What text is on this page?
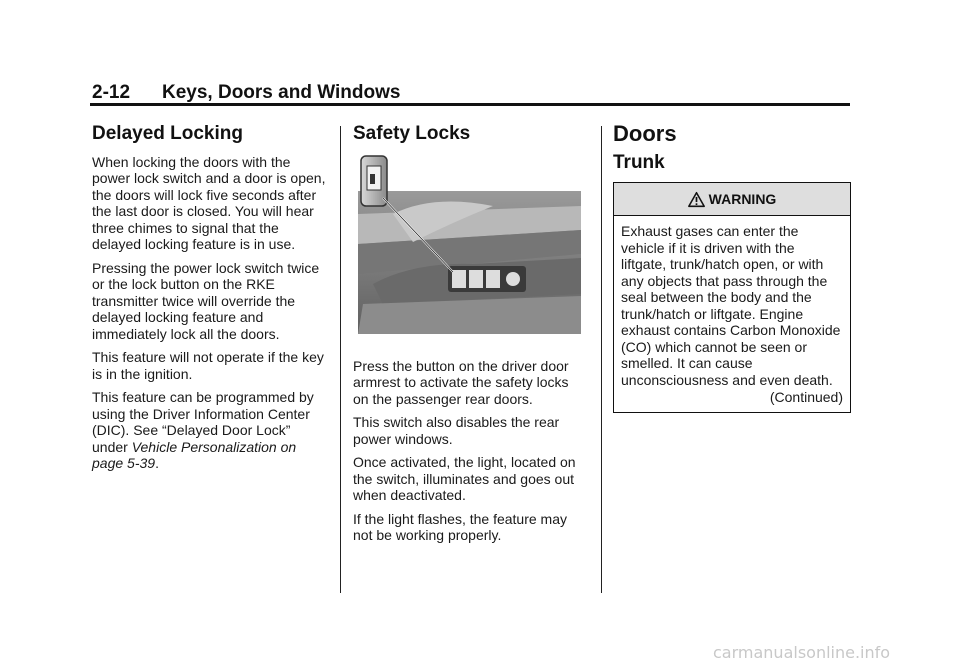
2-12 Keys, Doors and Windows
Delayed Locking

When locking the doors with the power lock switch and a door is open, the doors will lock five seconds after the last door is closed. You will hear three chimes to signal that the delayed locking feature is in use.

Pressing the power lock switch twice or the lock button on the RKE transmitter twice will override the delayed locking feature and immediately lock all the doors.

This feature will not operate if the key is in the ignition.

This feature can be programmed by using the Driver Information Center (DIC). See “Delayed Door Lock” under Vehicle Personalization on page 5-39.

Safety Locks

Press the button on the driver door armrest to activate the safety locks on the passenger rear doors.

This switch also disables the rear power windows.

Once activated, the light, located on the switch, illuminates and goes out when deactivated.

If the light flashes, the feature may not be working properly.

Doors
Trunk
WARNING
Exhaust gases can enter the vehicle if it is driven with the liftgate, trunk/hatch open, or with any objects that pass through the seal between the body and the trunk/hatch or liftgate. Engine exhaust contains Carbon Monoxide (CO) which cannot be seen or smelled. It can cause unconsciousness and even death.
(Continued)
carmanualsonline.info
